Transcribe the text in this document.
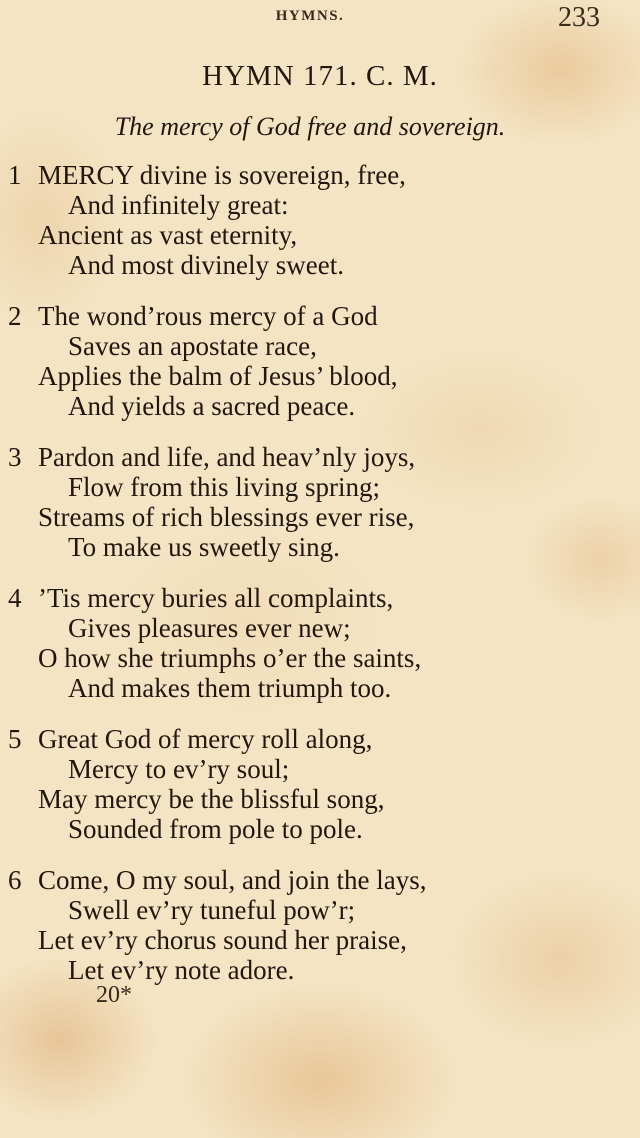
HYMNS.	233
HYMN 171. C. M.
The mercy of God free and sovereign.
1 MERCY divine is sovereign, free,
And infinitely great:
Ancient as vast eternity,
And most divinely sweet.
2 The wond’rous mercy of a God
Saves an apostate race,
Applies the balm of Jesus’ blood,
And yields a sacred peace.
3 Pardon and life, and heav’nly joys,
Flow from this living spring;
Streams of rich blessings ever rise,
To make us sweetly sing.
4 ’Tis mercy buries all complaints,
Gives pleasures ever new;
O how she triumphs o’er the saints,
And makes them triumph too.
5 Great God of mercy roll along,
Mercy to ev’ry soul;
May mercy be the blissful song,
Sounded from pole to pole.
6 Come, O my soul, and join the lays,
Swell ev’ry tuneful pow’r;
Let ev’ry chorus sound her praise,
Let ev’ry note adore.
20*
